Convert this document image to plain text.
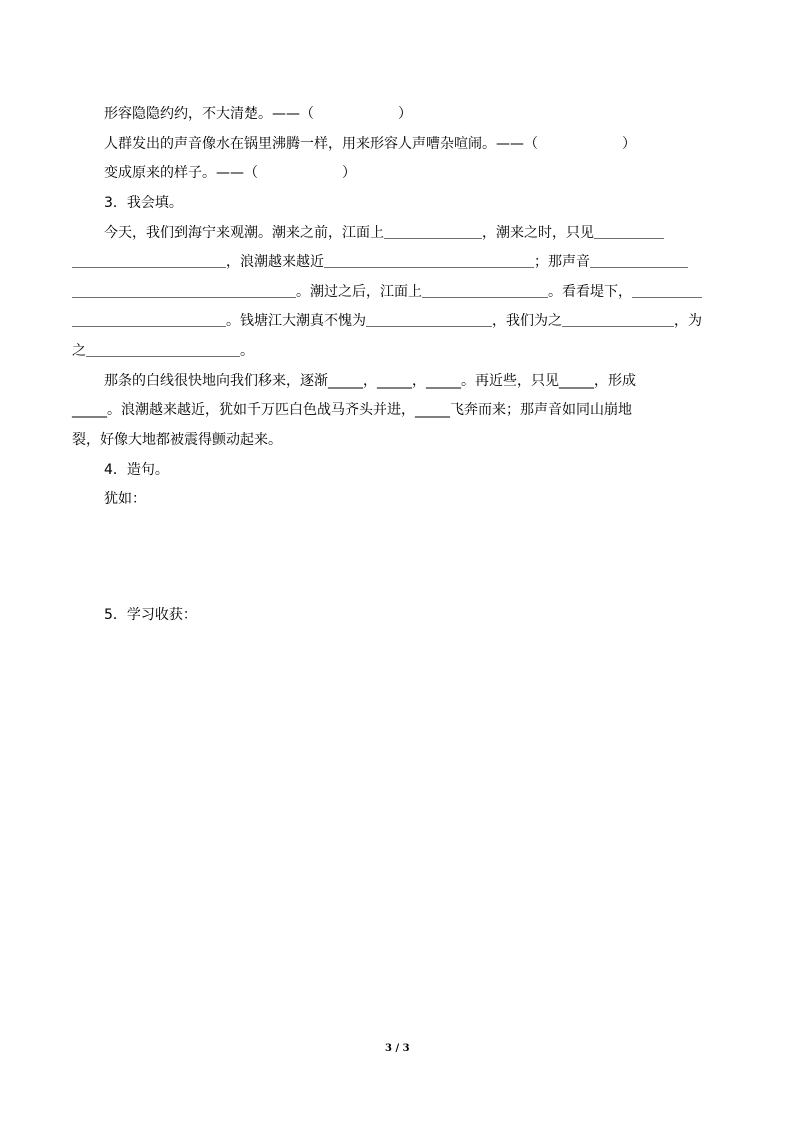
形容隐隐约约，不大清楚。——（　　　　　　）
人群发出的声音像水在锅里沸腾一样，用来形容人声嘈杂喧闹。——（　　　　　　）
变成原来的样子。——（　　　　　　）
3．我会填。
今天，我们到海宁来观潮。潮来之前，江面上＿＿＿＿＿＿＿，潮来之时，只见＿＿＿＿＿
＿＿＿＿＿＿＿＿＿＿＿，浪潮越来越近＿＿＿＿＿＿＿＿＿＿＿＿＿＿＿；那声音＿＿＿＿＿＿＿
＿＿＿＿＿＿＿＿＿＿＿＿＿＿＿＿。潮过之后，江面上＿＿＿＿＿＿＿＿＿。看看堤下，＿＿＿＿＿
＿＿＿＿＿＿＿＿＿＿＿。钱塘江大潮真不愧为＿＿＿＿＿＿＿＿＿，我们为之＿＿＿＿＿＿＿＿，为
之＿＿＿＿＿＿＿＿＿＿＿。
那条的白线很快地向我们移来，逐渐_____，_____，_____。再近些，只见_____，形成
_____。浪潮越来越近，犹如千万匹白色战马齐头并进，_____飞奔而来；那声音如同山崩地
裂，好像大地都被震得颤动起来。
4．造句。
犹如：
5．学习收获：
3 / 3
